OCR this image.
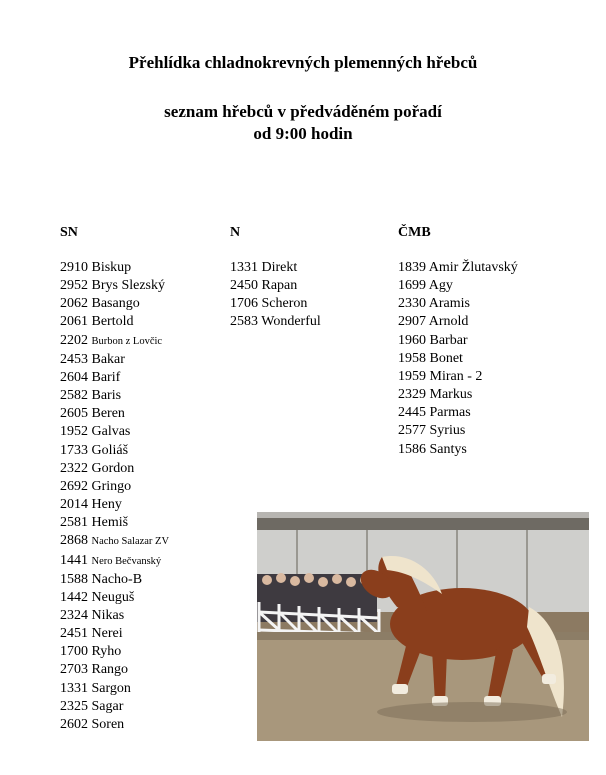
Přehlídka chladnokrevných plemenných hřebců
seznam hřebců v předváděném pořadí
od 9:00 hodin
SN
2910 Biskup
2952 Brys Slezský
2062 Basango
2061 Bertold
2202 Burbon z Lovčic
2453 Bakar
2604 Barif
2582 Baris
2605 Beren
1952 Galvas
1733 Goliáš
2322 Gordon
2692 Gringo
2014 Heny
2581 Hemiš
2868 Nacho Salazar ZV
1441 Nero Bečvanský
1588 Nacho-B
1442 Neuguš
2324 Nikas
2451 Nerei
1700 Ryho
2703 Rango
1331 Sargon
2325 Sagar
2602 Soren
N
1331 Direkt
2450 Rapan
1706 Scheron
2583 Wonderful
ČMB
1839 Amir Žlutavský
1699 Agy
2330 Aramis
2907 Arnold
1960 Barbar
1958 Bonet
1959 Miran - 2
2329 Markus
2445 Parmas
2577 Syrius
1586 Santys
